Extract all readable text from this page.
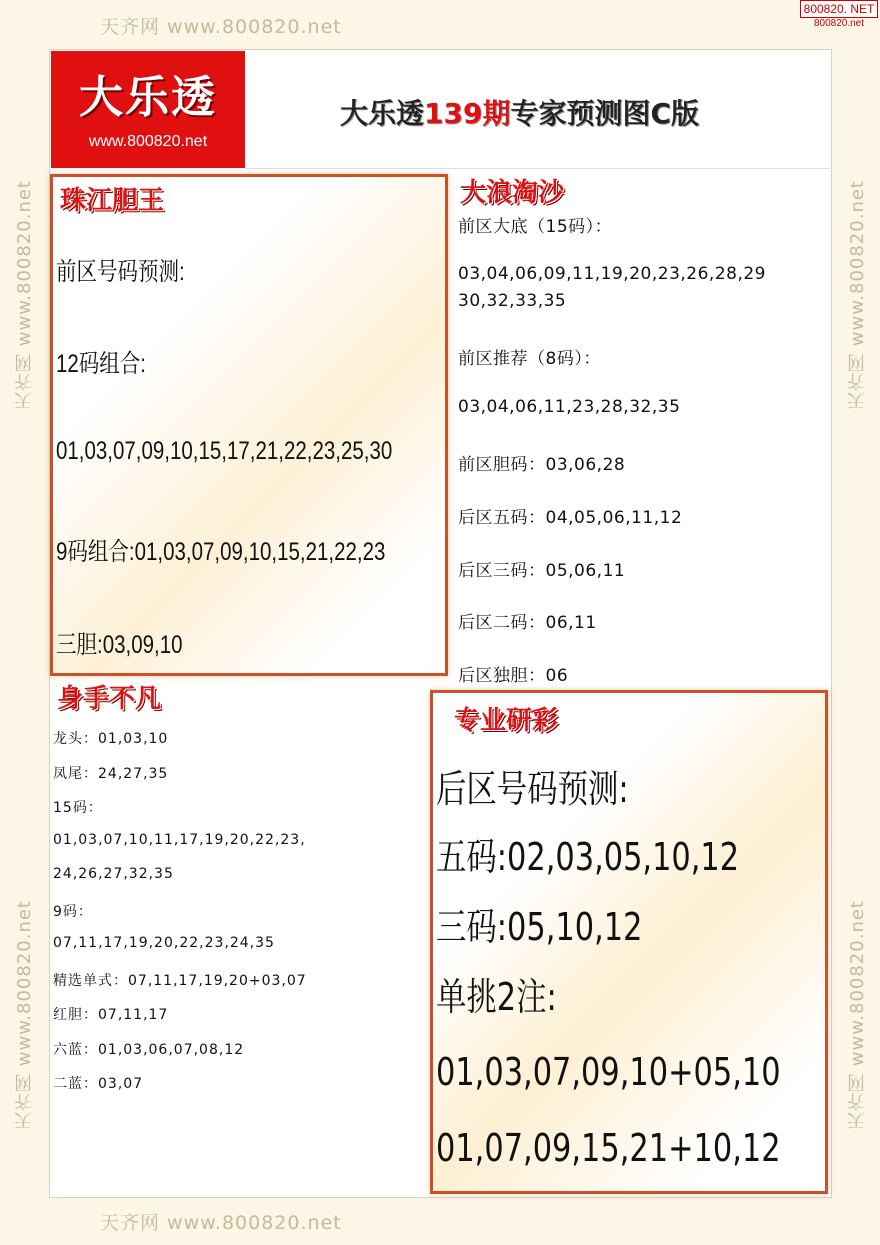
天齐网 www.800820.net
天齐网 www.800820.net
天齐网 www.800820.net
天齐网 www.800820.net
天齐网 www.800820.net
天齐网 www.800820.net
800820. NET
800820.net
大乐透
www.800820.net
大乐透139期专家预测图C版
珠江胆王
前区号码预测:
12码组合:
01,03,07,09,10,15,17,21,22,23,25,30
9码组合:01,03,07,09,10,15,21,22,23
三胆:03,09,10
大浪淘沙
前区大底（15码）：
03,04,06,09,11,19,20,23,26,28,29
30,32,33,35
前区推荐（8码）：
03,04,06,11,23,28,32,35
前区胆码：03,06,28
后区五码：04,05,06,11,12
后区三码：05,06,11
后区二码：06,11
后区独胆：06
身手不凡
龙头：01,03,10
凤尾：24,27,35
15码：
01,03,07,10,11,17,19,20,22,23,
24,26,27,32,35
9码：
07,11,17,19,20,22,23,24,35
精选单式：07,11,17,19,20+03,07
红胆：07,11,17
六蓝：01,03,06,07,08,12
二蓝：03,07
专业研彩
后区号码预测:
五码:02,03,05,10,12
三码:05,10,12
单挑2注:
01,03,07,09,10+05,10
01,07,09,15,21+10,12
